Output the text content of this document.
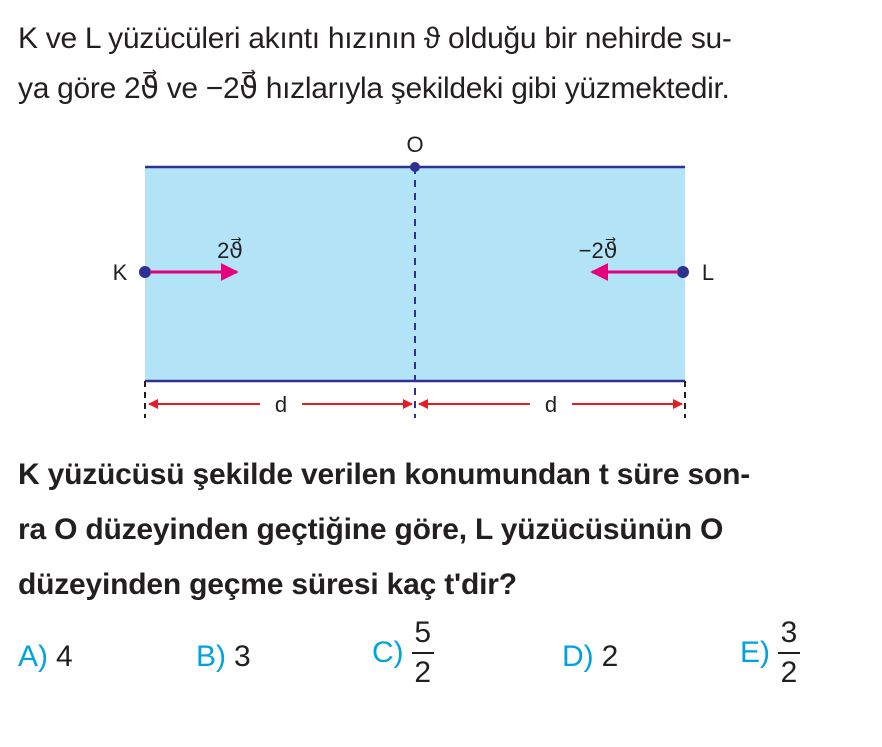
K ve L yüzücüleri akıntı hızının ϑ olduğu bir nehirde su-
ya göre 2ϑ⃗ ve −2ϑ⃗ hızlarıyla şekildeki gibi yüzmektedir.
O
K
2ϑ⃗
L
−2ϑ⃗
d	d
K yüzücüsü şekilde verilen konumundan t süre son-
ra O düzeyinden geçtiğine göre, L yüzücüsünün O
düzeyinden geçme süresi kaç t'dir?
A) 4	B) 3	$C) \frac{5}{2}$	D) 2	$E) \frac{3}{2}$
